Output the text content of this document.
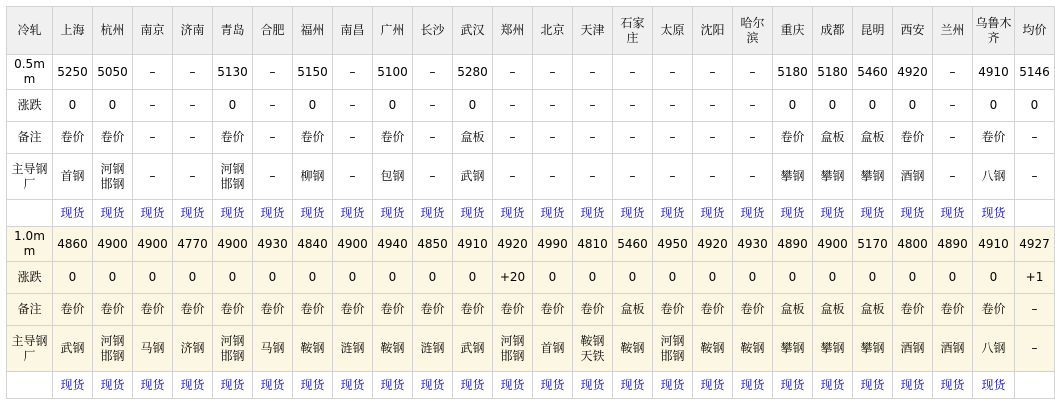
冷轧	上海	杭州	南京	济南	青岛	合肥	福州	南昌	广州	长沙	武汉	郑州	北京	天津	石家庄	太原	沈阳	哈尔滨	重庆	成都	昆明	西安	兰州	乌鲁木齐	均价
0.5mm	5250	5050	–	–	5130	–	5150	–	5100	–	5280	–	–	–	–	–	–	–	5180	5180	5460	4920	–	4910	5146
涨跌	0	0	–	–	0	–	0	–	0	–	0	–	–	–	–	–	–	–	0	0	0	0	–	0	0
备注	卷价	卷价	–	–	卷价	–	卷价	–	卷价	–	盒板	–	–	–	–	–	–	–	卷价	盒板	盒板	卷价	–	卷价	–
主导钢厂	首钢	河钢邯钢	–	–	河钢邯钢	–	柳钢	–	包钢	–	武钢	–	–	–	–	–	–	–	攀钢	攀钢	攀钢	酒钢	–	八钢	–
	现货	现货	现货	现货	现货	现货	现货	现货	现货	现货	现货	现货	现货	现货	现货	现货	现货	现货	现货	现货	现货	现货	现货	现货	
1.0mm	4860	4900	4900	4770	4900	4930	4840	4900	4940	4850	4910	4920	4990	4810	5460	4950	4920	4930	4890	4900	5170	4800	4890	4910	4927
涨跌	0	0	0	0	0	0	0	0	0	0	0	+20	0	0	0	0	0	0	0	0	0	0	0	0	+1
备注	卷价	卷价	卷价	卷价	卷价	卷价	卷价	卷价	卷价	卷价	卷价	卷价	卷价	卷价	盒板	卷价	卷价	卷价	盒板	盒板	盒板	卷价	卷价	卷价	–
主导钢厂	武钢	河钢邯钢	马钢	济钢	河钢邯钢	马钢	鞍钢	涟钢	鞍钢	涟钢	武钢	河钢邯钢	首钢	鞍钢天铁	鞍钢	河钢邯钢	鞍钢	鞍钢	攀钢	攀钢	攀钢	酒钢	酒钢	八钢	–
	现货	现货	现货	现货	现货	现货	现货	现货	现货	现货	现货	现货	现货	现货	现货	现货	现货	现货	现货	现货	现货	现货	现货	现货	
